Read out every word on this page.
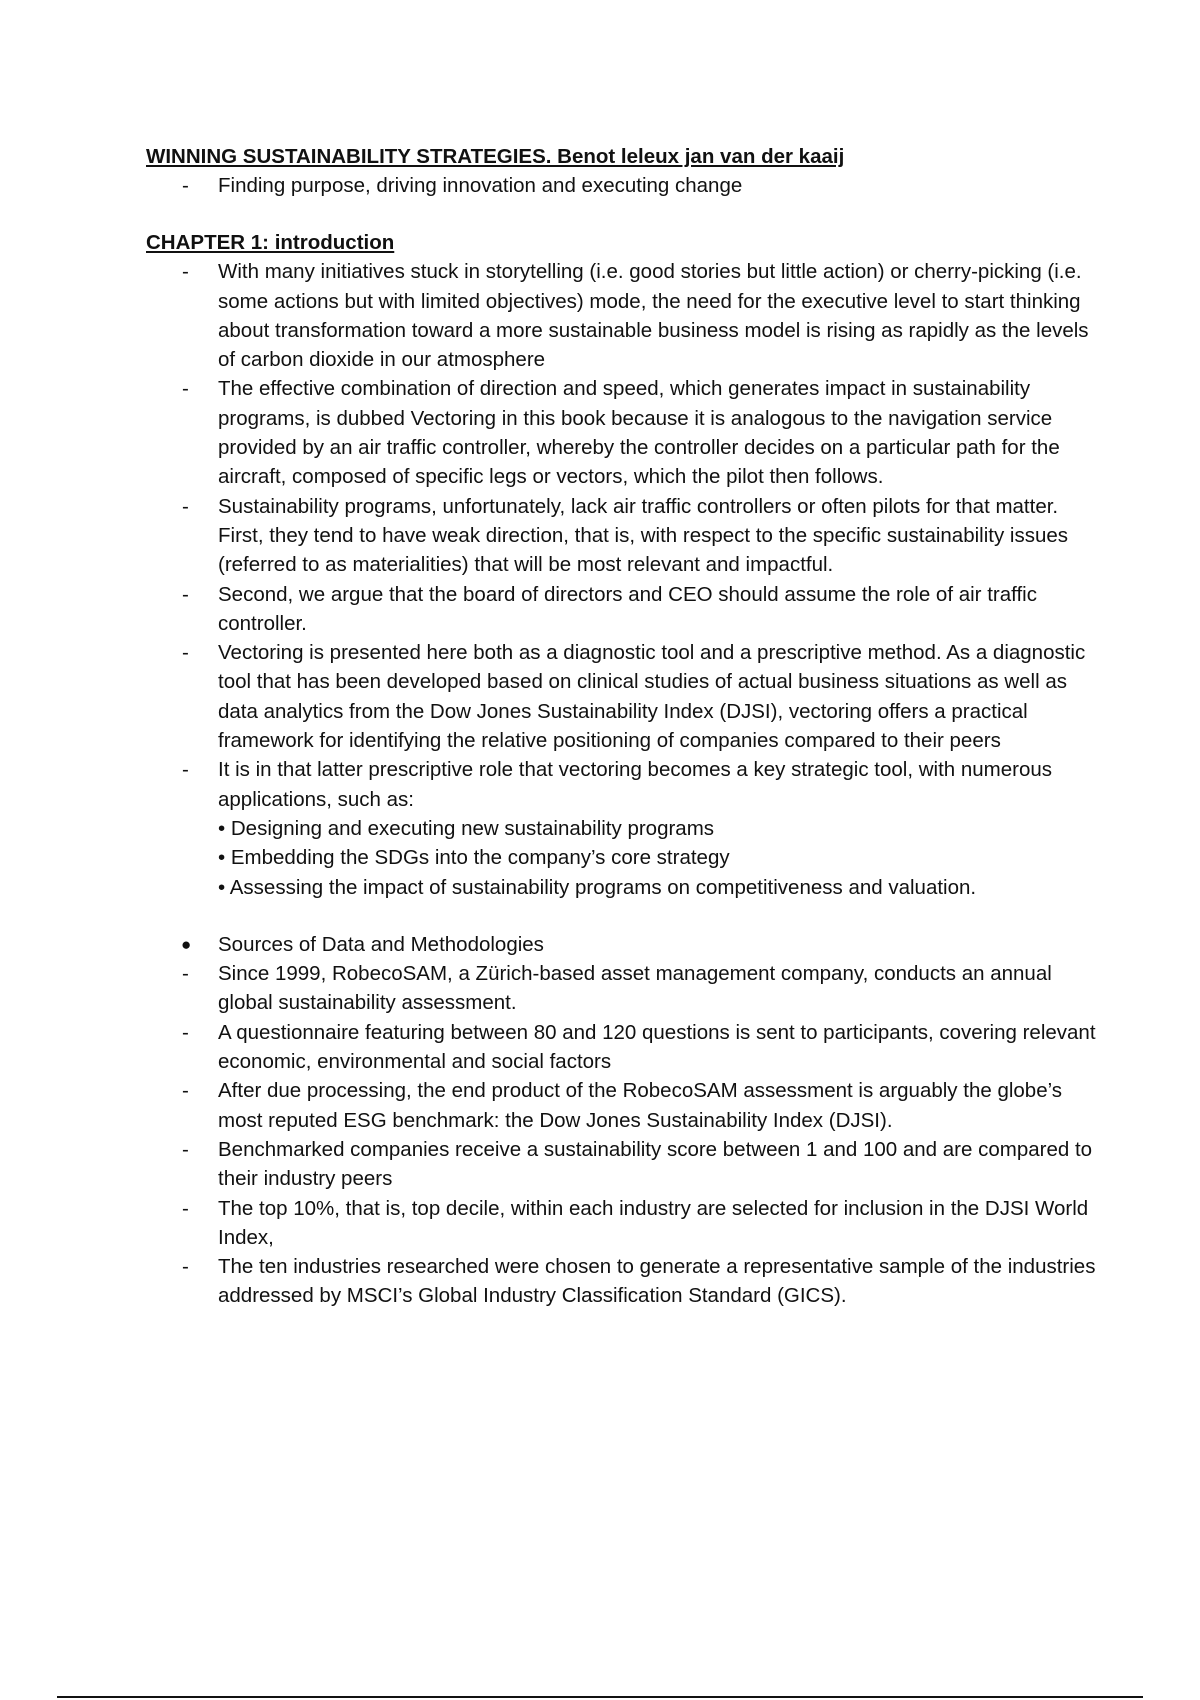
WINNING SUSTAINABILITY STRATEGIES. Benot leleux jan van der kaaij

-	Finding purpose, driving innovation and executing change

CHAPTER 1: introduction

-	With many initiatives stuck in storytelling (i.e. good stories but little action) or cherry-picking (i.e. some actions but with limited objectives) mode, the need for the executive level to start thinking about transformation toward a more sustainable business model is rising as rapidly as the levels of carbon dioxide in our atmosphere
-	The effective combination of direction and speed, which generates impact in sustainability programs, is dubbed Vectoring in this book because it is analogous to the navigation service provided by an air traffic controller, whereby the controller decides on a particular path for the aircraft, composed of specific legs or vectors, which the pilot then follows.
-	Sustainability programs, unfortunately, lack air traffic controllers or often pilots for that matter. First, they tend to have weak direction, that is, with respect to the specific sustainability issues (referred to as materialities) that will be most relevant and impactful.
-	Second, we argue that the board of directors and CEO should assume the role of air traffic controller.
-	Vectoring is presented here both as a diagnostic tool and a prescriptive method. As a diagnostic tool that has been developed based on clinical studies of actual business situations as well as data analytics from the Dow Jones Sustainability Index (DJSI), vectoring offers a practical framework for identifying the relative positioning of companies compared to their peers
-	It is in that latter prescriptive role that vectoring becomes a key strategic tool, with numerous applications, such as:
• Designing and executing new sustainability programs
• Embedding the SDGs into the company’s core strategy
• Assessing the impact of sustainability programs on competitiveness and valuation.
●	Sources of Data and Methodologies
-	Since 1999, RobecoSAM, a Zürich-based asset management company, conducts an annual global sustainability assessment.
-	A questionnaire featuring between 80 and 120 questions is sent to participants, covering relevant economic, environmental and social factors
-	After due processing, the end product of the RobecoSAM assessment is arguably the globe’s most reputed ESG benchmark: the Dow Jones Sustainability Index (DJSI).
-	Benchmarked companies receive a sustainability score between 1 and 100 and are compared to their industry peers
-	The top 10%, that is, top decile, within each industry are selected for inclusion in the DJSI World Index,
-	The ten industries researched were chosen to generate a representative sample of the industries addressed by MSCI’s Global Industry Classification Standard (GICS).
